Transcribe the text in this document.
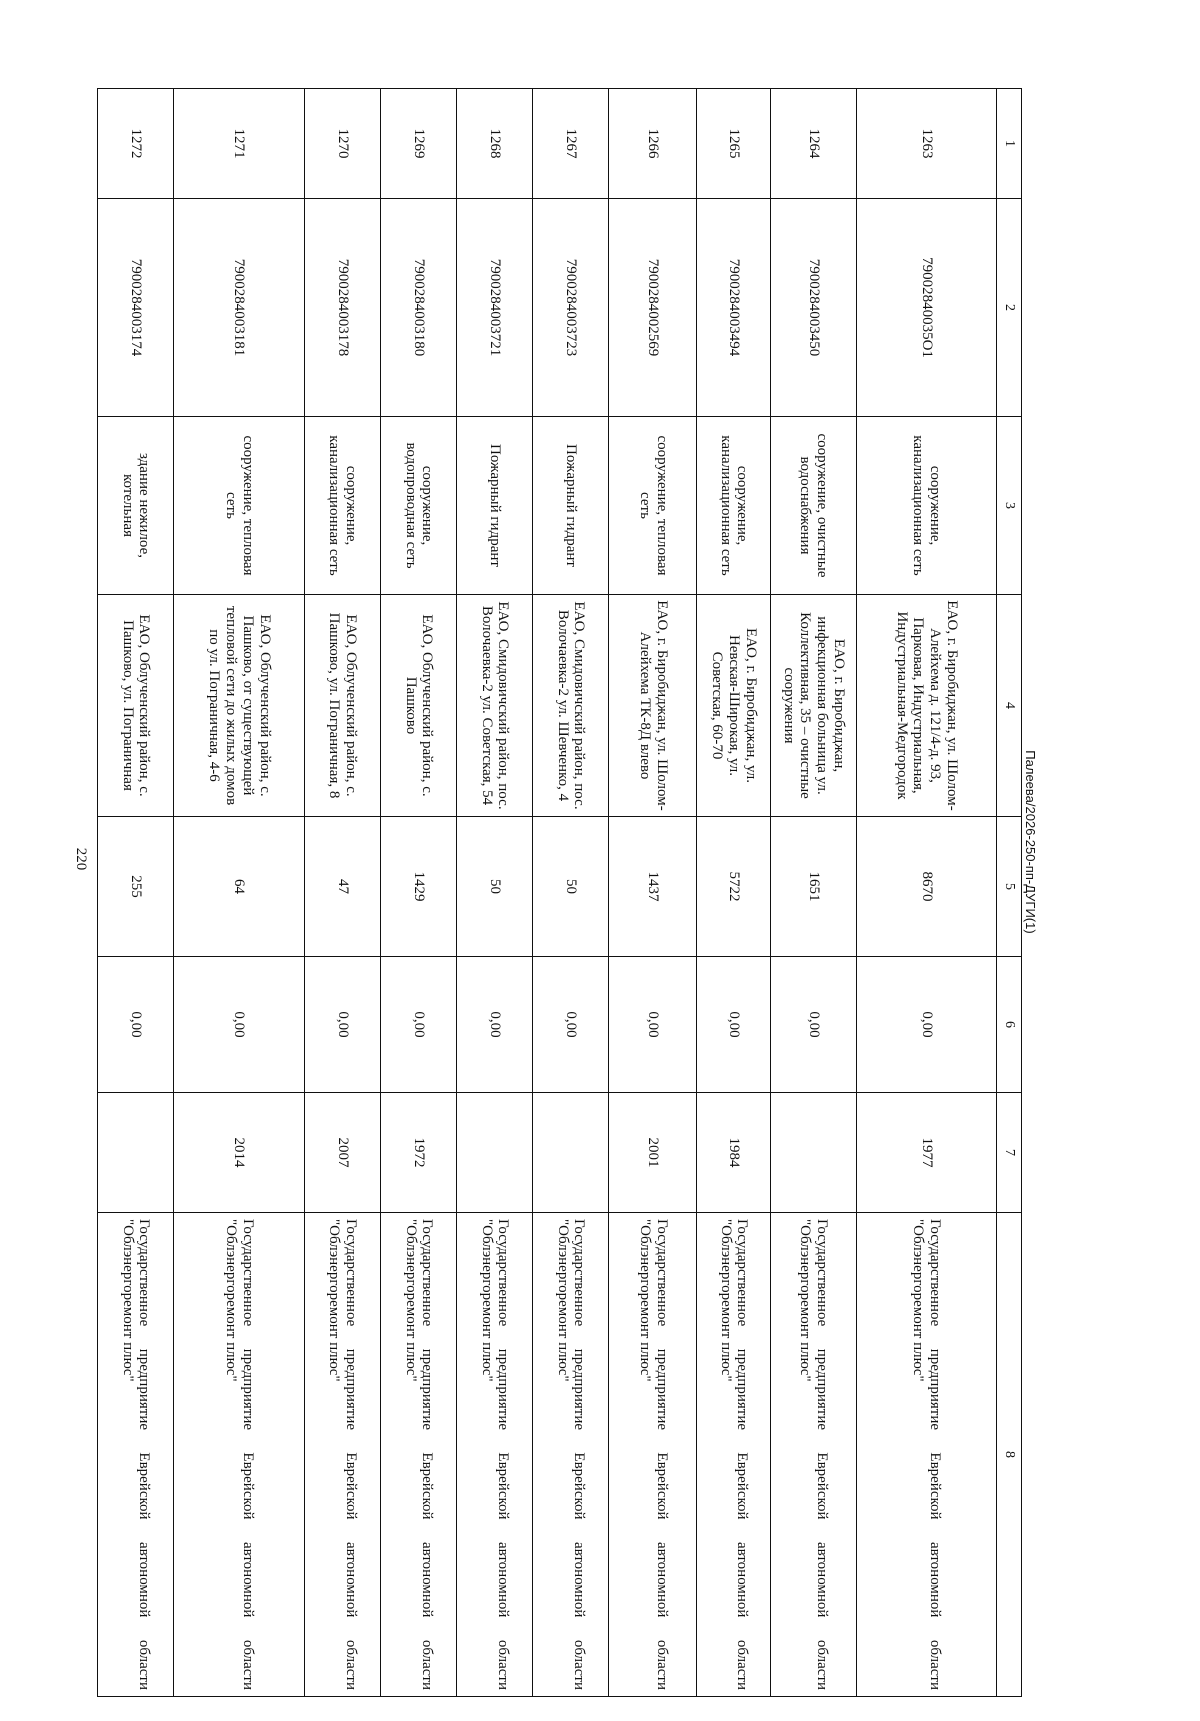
220
1	2	3	4	5	6	7	8
1263	79002840035О1	сооружение, канализационная сеть	ЕАО, г. Биробиджан, ул. Шолом-Алейхема д. 121/4-д. 93, Парковая, Индустриальная, Индустриальная-Медгородок	8670	0,00	1977	Государственное предприятие Еврейской автономной области "Облэнергоремонт плюс"
1264	7900284003450	сооружение, очистные водоснабжения	ЕАО, г. Биробиджан, инфекционная больница ул. Коллективная, 35 – очистные сооружения	1651	0,00		Государственное предприятие Еврейской автономной области "Облэнергоремонт плюс"
1265	7900284003494	сооружение, канализационная сеть	ЕАО, г. Биробиджан, ул. Невская-Широкая, ул. Советская, 60-70	5722	0,00	1984	Государственное предприятие Еврейской автономной области "Облэнергоремонт плюс"
1266	7900284002569	сооружение, тепловая сеть	ЕАО, г. Биробиджан, ул. Шолом-Алейхема ТК-8Д влево	1437	0,00	2001	Государственное предприятие Еврейской автономной области "Облэнергоремонт плюс"
1267	7900284003723	Пожарный гидрант	ЕАО, Смидовичский район, пос. Волочаевка-2 ул. Шевченко, 4	50	0,00		Государственное предприятие Еврейской автономной области "Облэнергоремонт плюс"
1268	7900284003721	Пожарный гидрант	ЕАО, Смидовичский район, пос. Волочаевка-2 ул. Советская, 54	50	0,00		Государственное предприятие Еврейской автономной области "Облэнергоремонт плюс"
1269	7900284003180	сооружение, водопроводная сеть	ЕАО, Облученский район, с. Пашково	1429	0,00	1972	Государственное предприятие Еврейской автономной области "Облэнергоремонт плюс"
1270	7900284003178	сооружение, канализационная сеть	ЕАО, Облученский район, с. Пашково, ул. Пограничная, 8	47	0,00	2007	Государственное предприятие Еврейской автономной области "Облэнергоремонт плюс"
1271	7900284003181	сооружение, тепловая сеть	ЕАО, Облученский район, с. Пашково, от существующей тепловой сети до жилых домов по ул. Пограничная, 4-6	64	0,00	2014	Государственное предприятие Еврейской автономной области "Облэнергоремонт плюс"
1272	7900284003174	здание нежилое, котельная	ЕАО, Облученский район, с. Пашково, ул. Пограничная	255	0,00		Государственное предприятие Еврейской автономной области "Облэнергоремонт плюс"
Палеева/2026-250-пп-ДУГИ(1)
